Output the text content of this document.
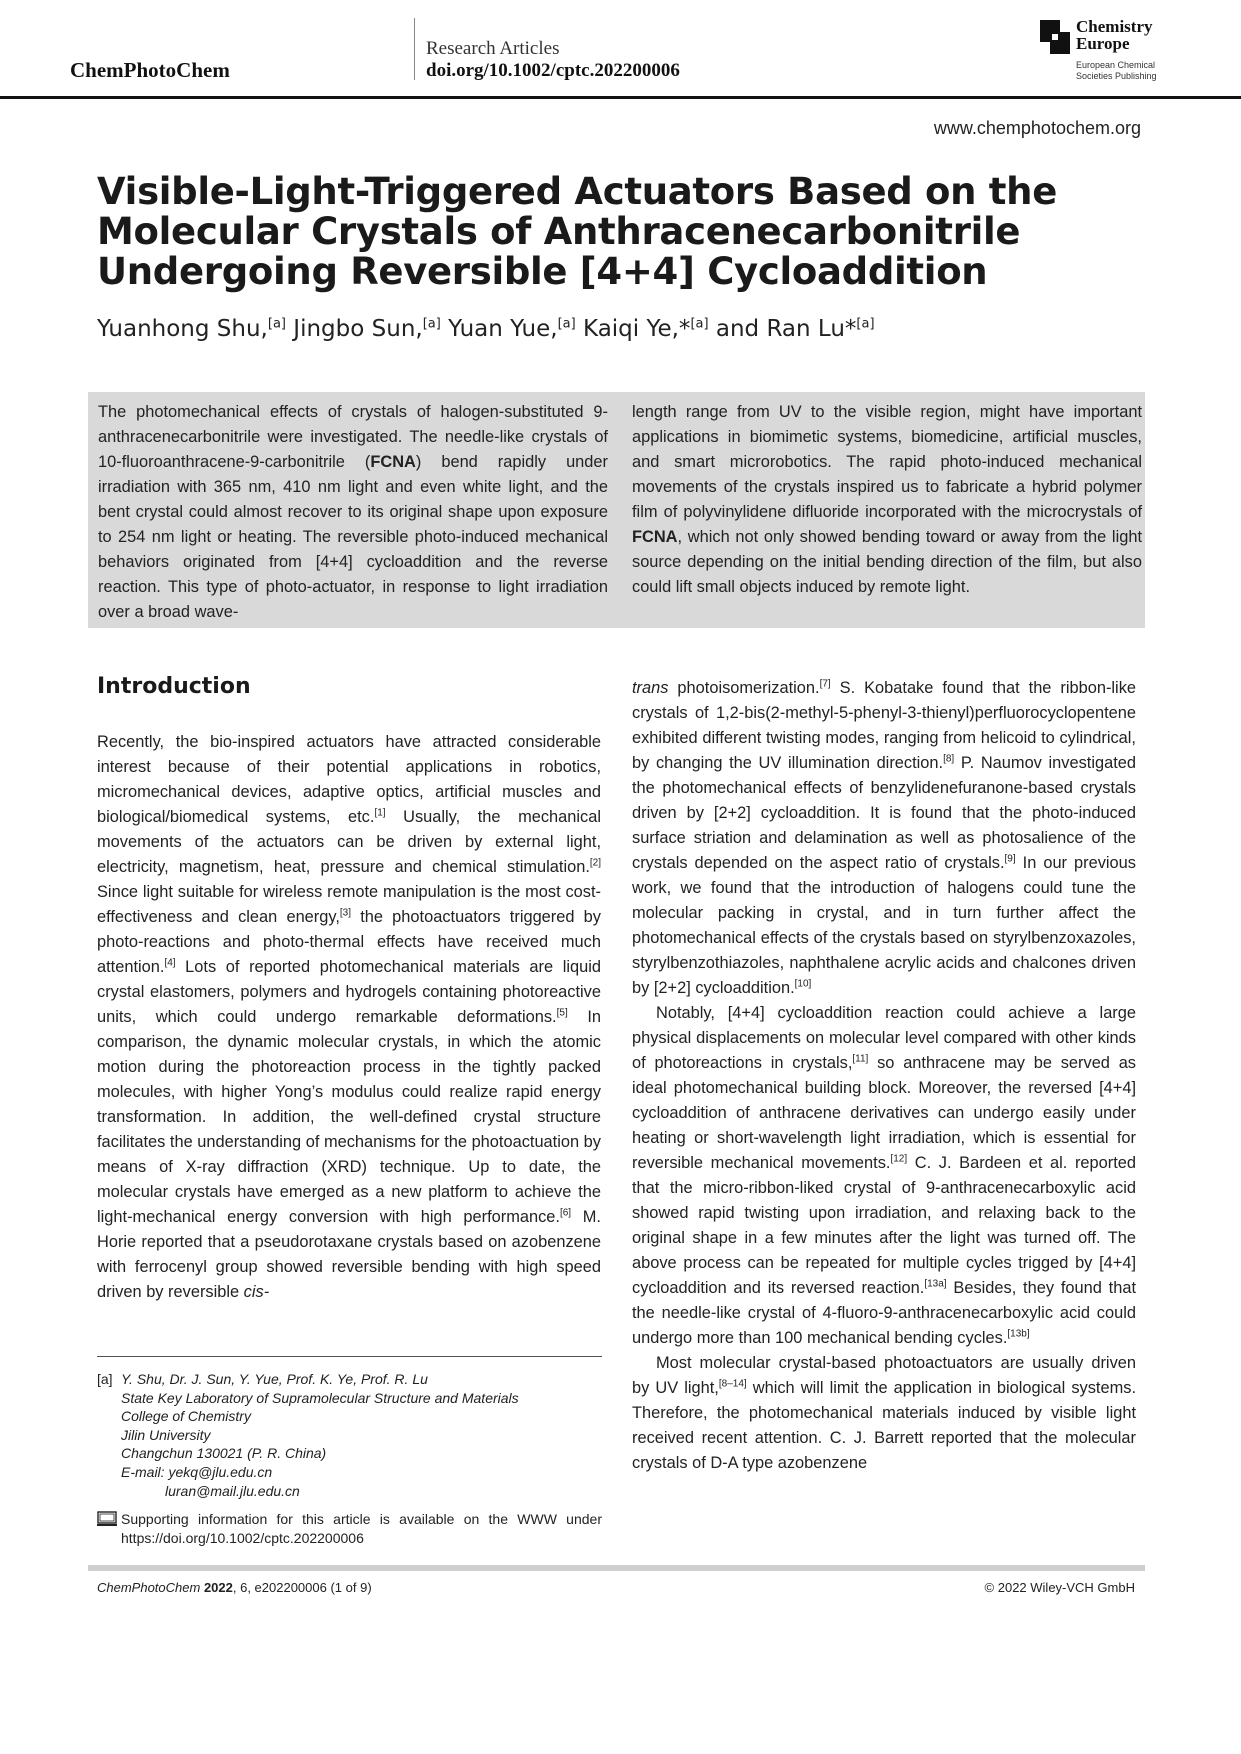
ChemPhotoChem
Research Articles
doi.org/10.1002/cptc.202200006
Chemistry
Europe
European Chemical
Societies Publishing
www.chemphotochem.org
Visible-Light-Triggered Actuators Based on the Molecular Crystals of Anthracenecarbonitrile Undergoing Reversible [4+4] Cycloaddition
Yuanhong Shu,[a] Jingbo Sun,[a] Yuan Yue,[a] Kaiqi Ye,*[a] and Ran Lu*[a]
The photomechanical effects of crystals of halogen-substituted 9-anthracenecarbonitrile were investigated. The needle-like crystals of 10-fluoroanthracene-9-carbonitrile (FCNA) bend rapidly under irradiation with 365 nm, 410 nm light and even white light, and the bent crystal could almost recover to its original shape upon exposure to 254 nm light or heating. The reversible photo-induced mechanical behaviors originated from [4+4] cycloaddition and the reverse reaction. This type of photo-actuator, in response to light irradiation over a broad wave-
length range from UV to the visible region, might have important applications in biomimetic systems, biomedicine, artificial muscles, and smart microrobotics. The rapid photo-induced mechanical movements of the crystals inspired us to fabricate a hybrid polymer film of polyvinylidene difluoride incorporated with the microcrystals of FCNA, which not only showed bending toward or away from the light source depending on the initial bending direction of the film, but also could lift small objects induced by remote light.
Introduction

Recently, the bio-inspired actuators have attracted considerable interest because of their potential applications in robotics, micromechanical devices, adaptive optics, artificial muscles and biological/biomedical systems, etc.[1] Usually, the mechanical movements of the actuators can be driven by external light, electricity, magnetism, heat, pressure and chemical stimulation.[2] Since light suitable for wireless remote manipulation is the most cost-effectiveness and clean energy,[3] the photoactuators triggered by photo-reactions and photo-thermal effects have received much attention.[4] Lots of reported photomechanical materials are liquid crystal elastomers, polymers and hydrogels containing photoreactive units, which could undergo remarkable deformations.[5] In comparison, the dynamic molecular crystals, in which the atomic motion during the photoreaction process in the tightly packed molecules, with higher Yong’s modulus could realize rapid energy transformation. In addition, the well-defined crystal structure facilitates the understanding of mechanisms for the photoactuation by means of X-ray diffraction (XRD) technique. Up to date, the molecular crystals have emerged as a new platform to achieve the light-mechanical energy conversion with high performance.[6] M. Horie reported that a pseudorotaxane crystals based on azobenzene with ferrocenyl group showed reversible bending with high speed driven by reversible cis-

trans photoisomerization.[7] S. Kobatake found that the ribbon-like crystals of 1,2-bis(2-methyl-5-phenyl-3-thienyl)perfluorocyclopentene exhibited different twisting modes, ranging from helicoid to cylindrical, by changing the UV illumination direction.[8] P. Naumov investigated the photomechanical effects of benzylidenefuranone-based crystals driven by [2+2] cycloaddition. It is found that the photo-induced surface striation and delamination as well as photosalience of the crystals depended on the aspect ratio of crystals.[9] In our previous work, we found that the introduction of halogens could tune the molecular packing in crystal, and in turn further affect the photomechanical effects of the crystals based on styrylbenzoxazoles, styrylbenzothiazoles, naphthalene acrylic acids and chalcones driven by [2+2] cycloaddition.[10]

Notably, [4+4] cycloaddition reaction could achieve a large physical displacements on molecular level compared with other kinds of photoreactions in crystals,[11] so anthracene may be served as ideal photomechanical building block. Moreover, the reversed [4+4] cycloaddition of anthracene derivatives can undergo easily under heating or short-wavelength light irradiation, which is essential for reversible mechanical movements.[12] C. J. Bardeen et al. reported that the micro-ribbon-liked crystal of 9-anthracenecarboxylic acid showed rapid twisting upon irradiation, and relaxing back to the original shape in a few minutes after the light was turned off. The above process can be repeated for multiple cycles trigged by [4+4] cycloaddition and its reversed reaction.[13a] Besides, they found that the needle-like crystal of 4-fluoro-9-anthracenecarboxylic acid could undergo more than 100 mechanical bending cycles.[13b]

Most molecular crystal-based photoactuators are usually driven by UV light,[8–14] which will limit the application in biological systems. Therefore, the photomechanical materials induced by visible light received recent attention. C. J. Barrett reported that the molecular crystals of D-A type azobenzene

[a] Y. Shu, Dr. J. Sun, Y. Yue, Prof. K. Ye, Prof. R. Lu
State Key Laboratory of Supramolecular Structure and Materials
College of Chemistry
Jilin University
Changchun 130021 (P. R. China)
E-mail: yekq@jlu.edu.cn
luran@mail.jlu.edu.cn
Supporting information for this article is available on the WWW under https://doi.org/10.1002/cptc.202200006
ChemPhotoChem 2022, 6, e202200006 (1 of 9)	© 2022 Wiley-VCH GmbH
